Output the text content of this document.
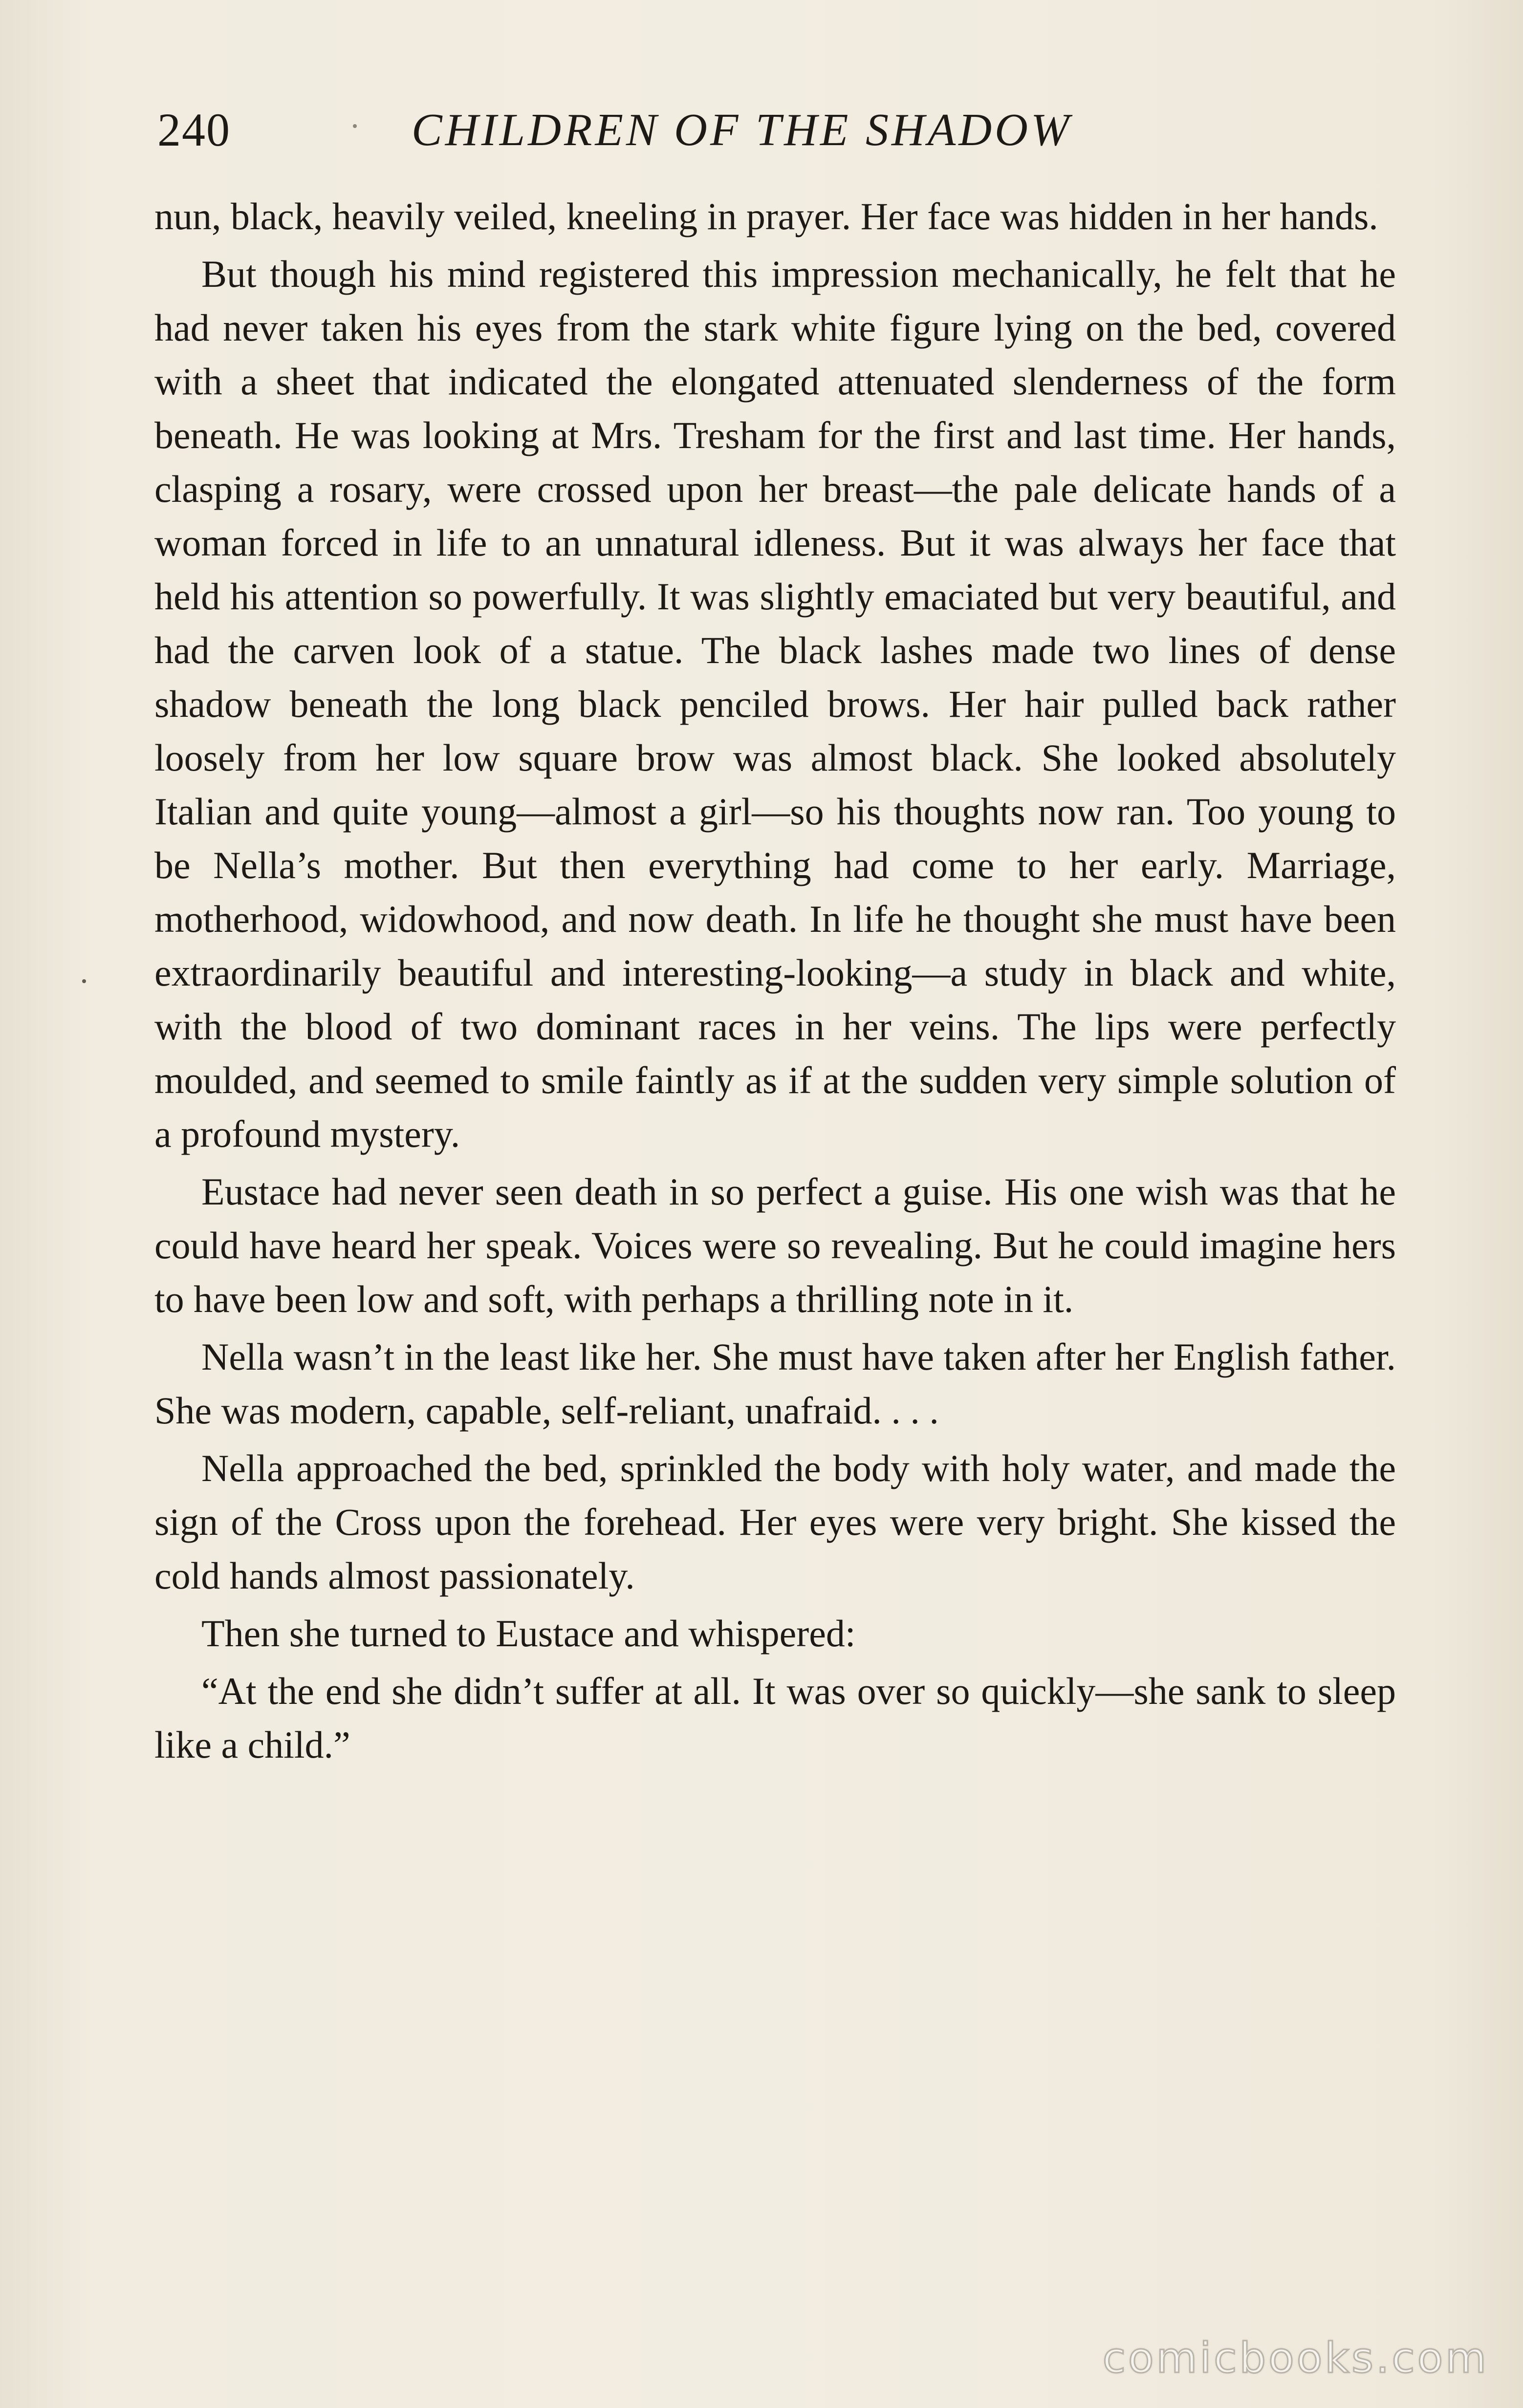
240	CHILDREN OF THE SHADOW

nun, black, heavily veiled, kneeling in prayer. Her face was hidden in her hands.

But though his mind registered this impression mechanically, he felt that he had never taken his eyes from the stark white figure lying on the bed, covered with a sheet that indicated the elongated attenuated slenderness of the form beneath. He was looking at Mrs. Tresham for the first and last time. Her hands, clasping a rosary, were crossed upon her breast—the pale delicate hands of a woman forced in life to an unnatural idleness. But it was always her face that held his attention so powerfully. It was slightly emaciated but very beautiful, and had the carven look of a statue. The black lashes made two lines of dense shadow beneath the long black penciled brows. Her hair pulled back rather loosely from her low square brow was almost black. She looked absolutely Italian and quite young—almost a girl—so his thoughts now ran. Too young to be Nella’s mother. But then everything had come to her early. Marriage, motherhood, widowhood, and now death. In life he thought she must have been extraordinarily beautiful and interesting-looking—a study in black and white, with the blood of two dominant races in her veins. The lips were perfectly moulded, and seemed to smile faintly as if at the sudden very simple solution of a profound mystery.

Eustace had never seen death in so perfect a guise. His one wish was that he could have heard her speak. Voices were so revealing. But he could imagine hers to have been low and soft, with perhaps a thrilling note in it.

Nella wasn’t in the least like her. She must have taken after her English father. She was modern, capable, self-reliant, unafraid. . . .

Nella approached the bed, sprinkled the body with holy water, and made the sign of the Cross upon the forehead. Her eyes were very bright. She kissed the cold hands almost passionately.

Then she turned to Eustace and whispered:

“At the end she didn’t suffer at all. It was over so quickly—she sank to sleep like a child.”

comicbooks.com
